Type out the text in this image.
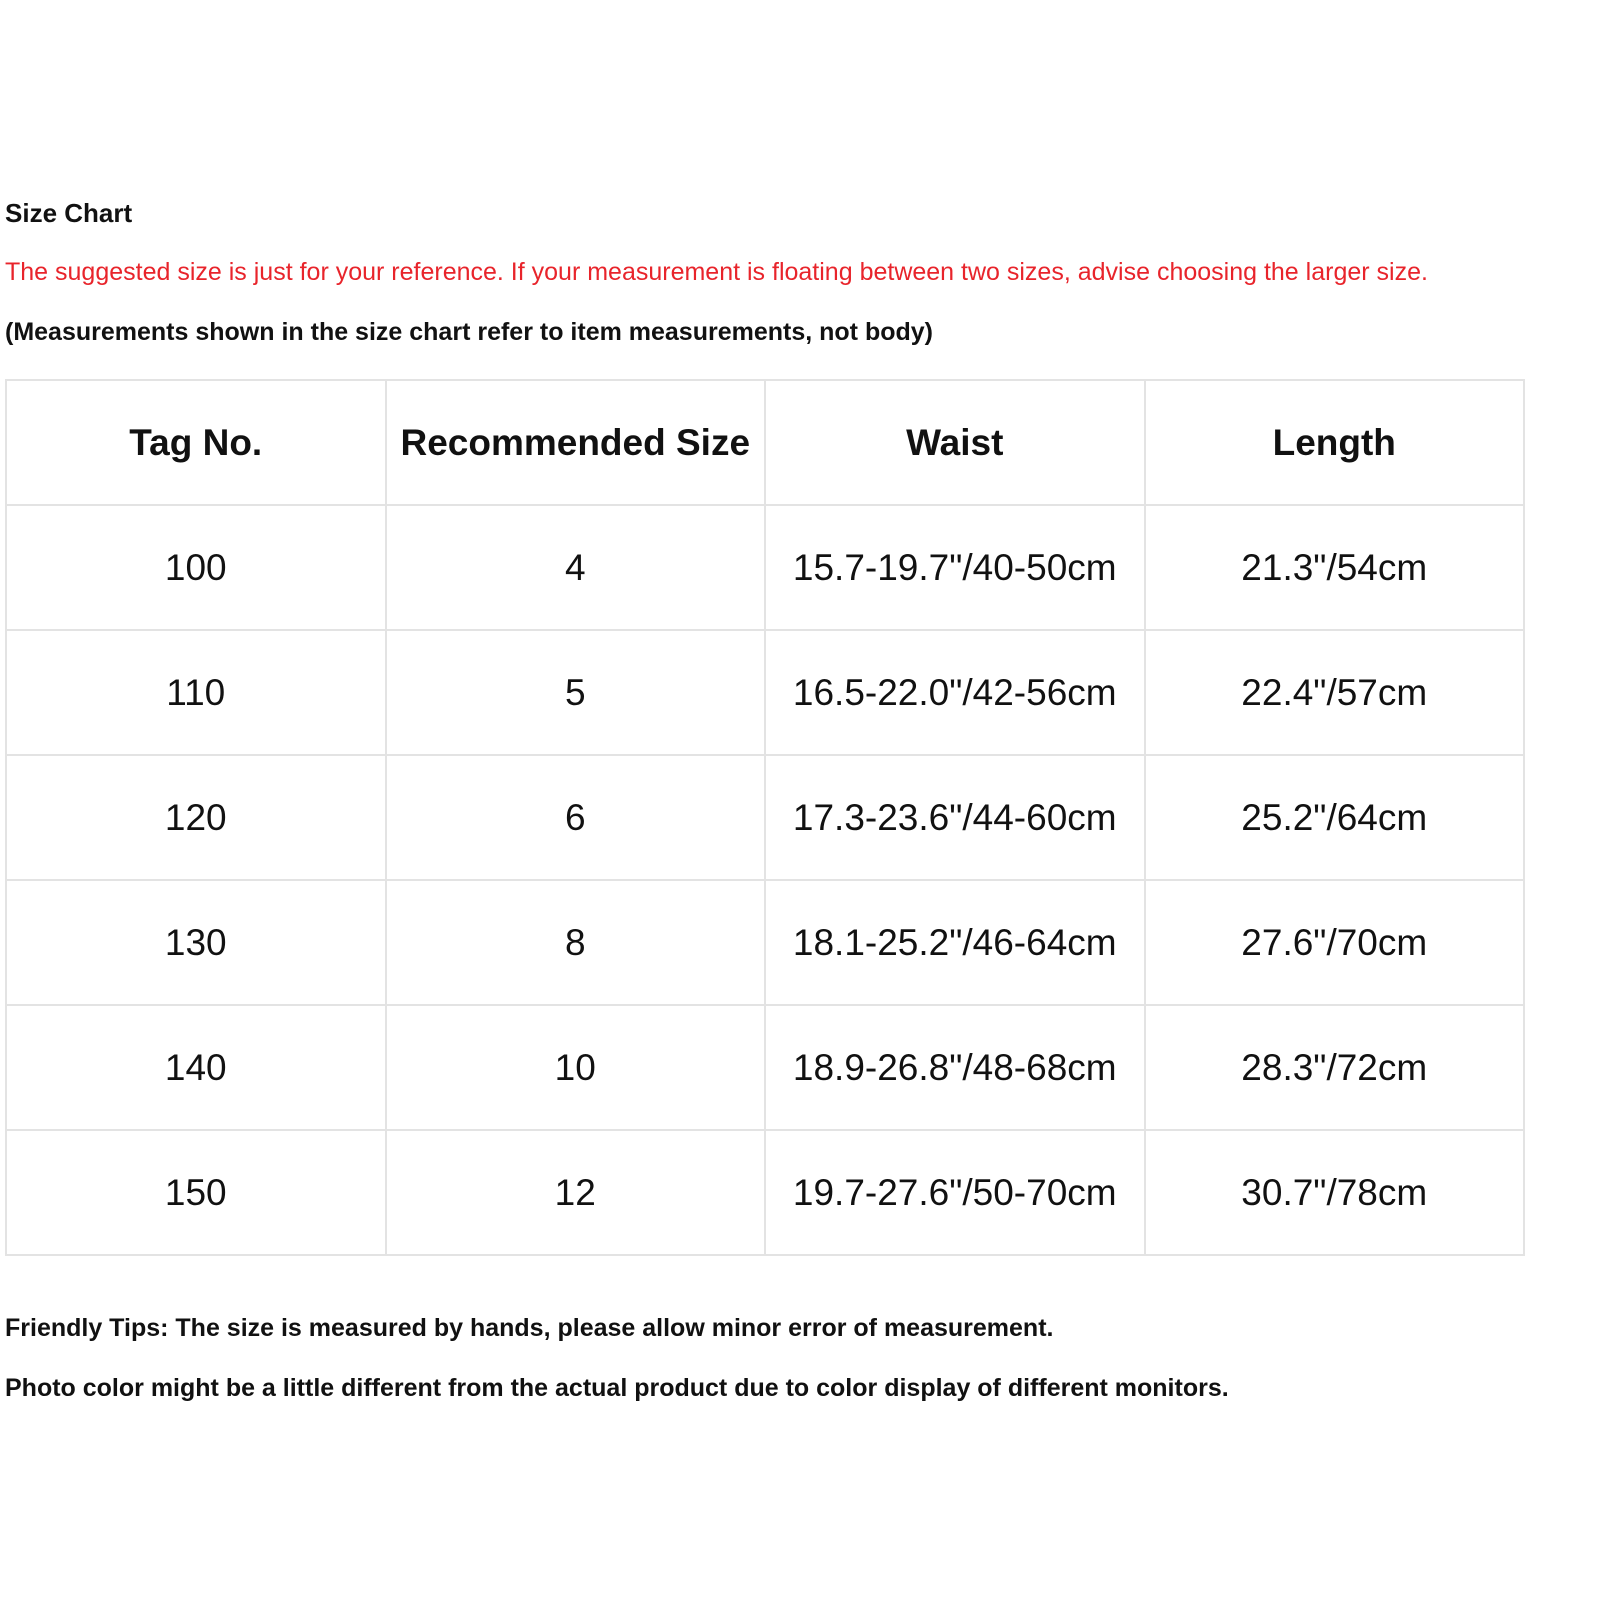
Size Chart
The suggested size is just for your reference. If your measurement is floating between two sizes, advise choosing the larger size.
(Measurements shown in the size chart refer to item measurements, not body)
Tag No.	Recommended Size	Waist	Length
100	4	15.7-19.7"/40-50cm	21.3"/54cm
110	5	16.5-22.0"/42-56cm	22.4"/57cm
120	6	17.3-23.6"/44-60cm	25.2"/64cm
130	8	18.1-25.2"/46-64cm	27.6"/70cm
140	10	18.9-26.8"/48-68cm	28.3"/72cm
150	12	19.7-27.6"/50-70cm	30.7"/78cm
Friendly Tips: The size is measured by hands, please allow minor error of measurement.
Photo color might be a little different from the actual product due to color display of different monitors.
